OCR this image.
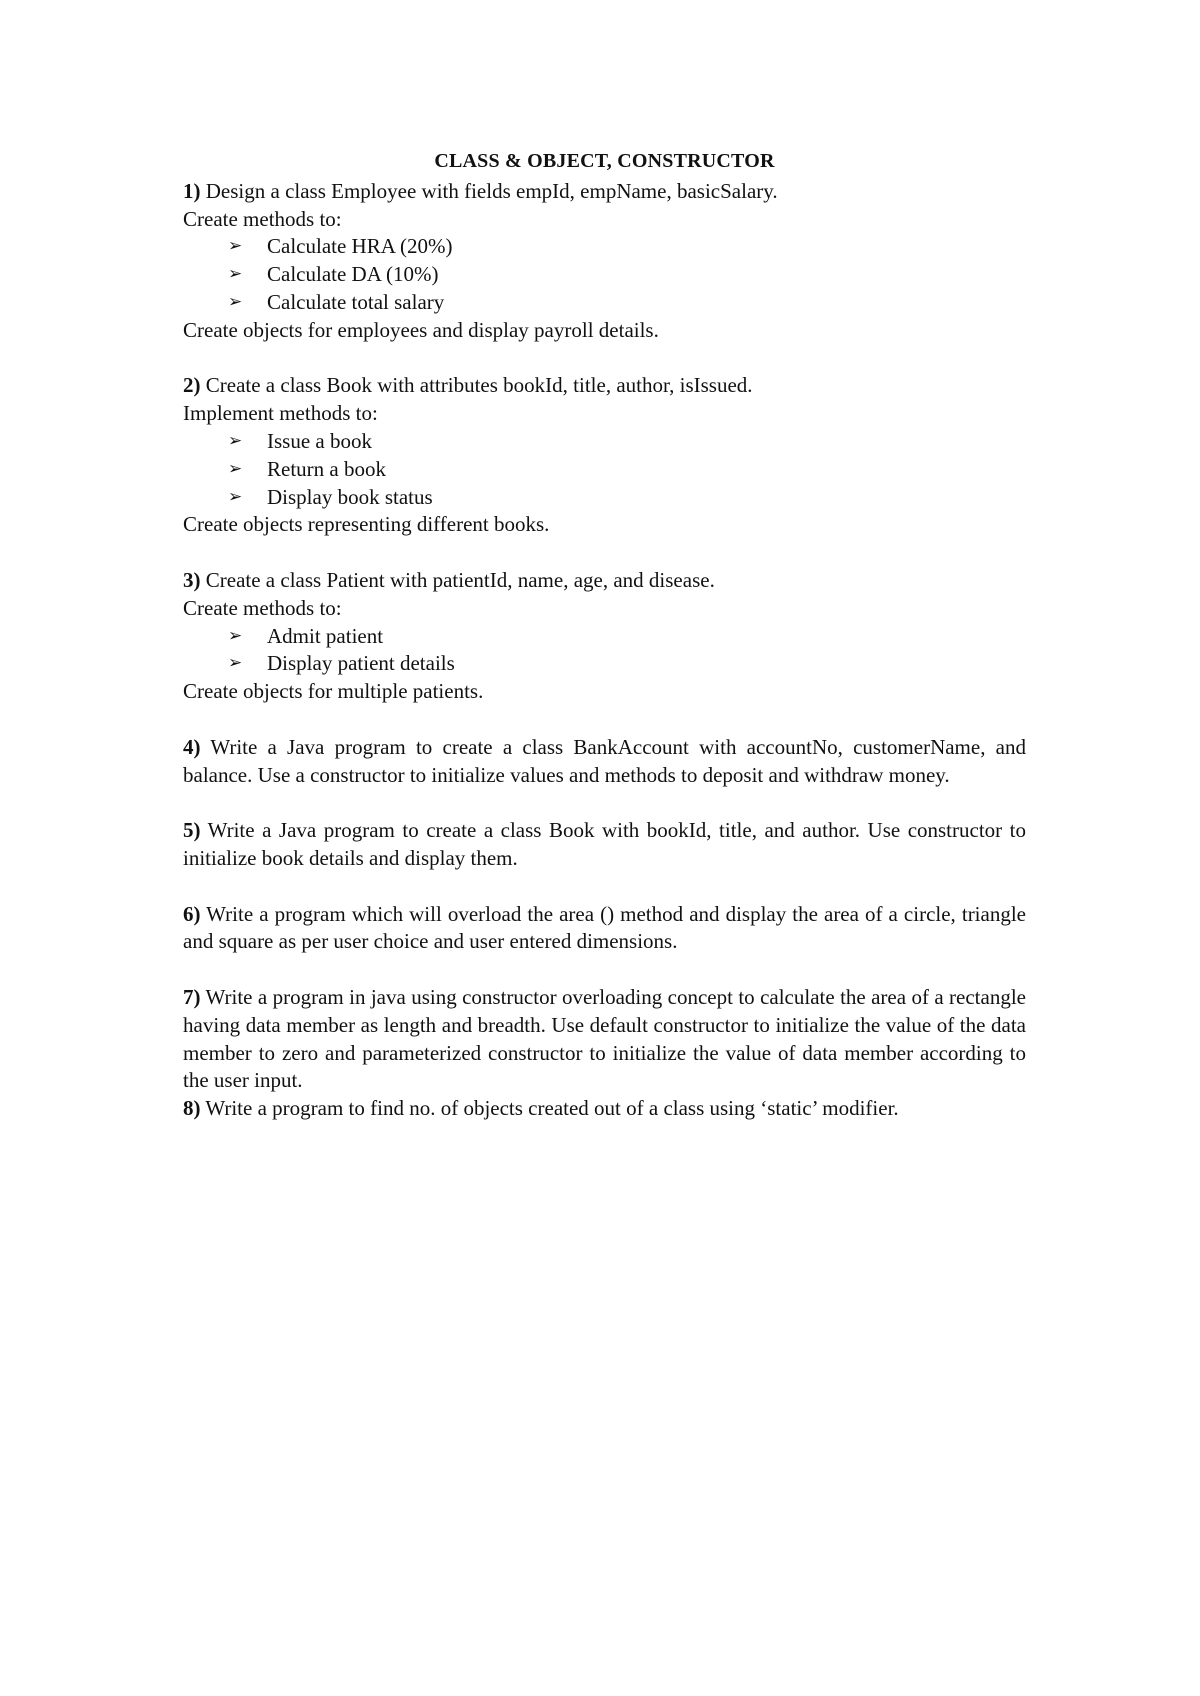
CLASS & OBJECT, CONSTRUCTOR

1) Design a class Employee with fields empId, empName, basicSalary.

Create methods to:

➢ Calculate HRA (20%)
➢ Calculate DA (10%)
➢ Calculate total salary

Create objects for employees and display payroll details.

2) Create a class Book with attributes bookId, title, author, isIssued.

Implement methods to:

➢ Issue a book
➢ Return a book
➢ Display book status

Create objects representing different books.

3) Create a class Patient with patientId, name, age, and disease.

Create methods to:

➢ Admit patient
➢ Display patient details

Create objects for multiple patients.

4) Write a Java program to create a class BankAccount with accountNo, customerName, and balance. Use a constructor to initialize values and methods to deposit and withdraw money.

5) Write a Java program to create a class Book with bookId, title, and author. Use constructor to initialize book details and display them.

6) Write a program which will overload the area () method and display the area of a circle, triangle and square as per user choice and user entered dimensions.

7) Write a program in java using constructor overloading concept to calculate the area of a rectangle having data member as length and breadth. Use default constructor to initialize the value of the data member to zero and parameterized constructor to initialize the value of data member according to the user input.

8) Write a program to find no. of objects created out of a class using ‘static’ modifier.
